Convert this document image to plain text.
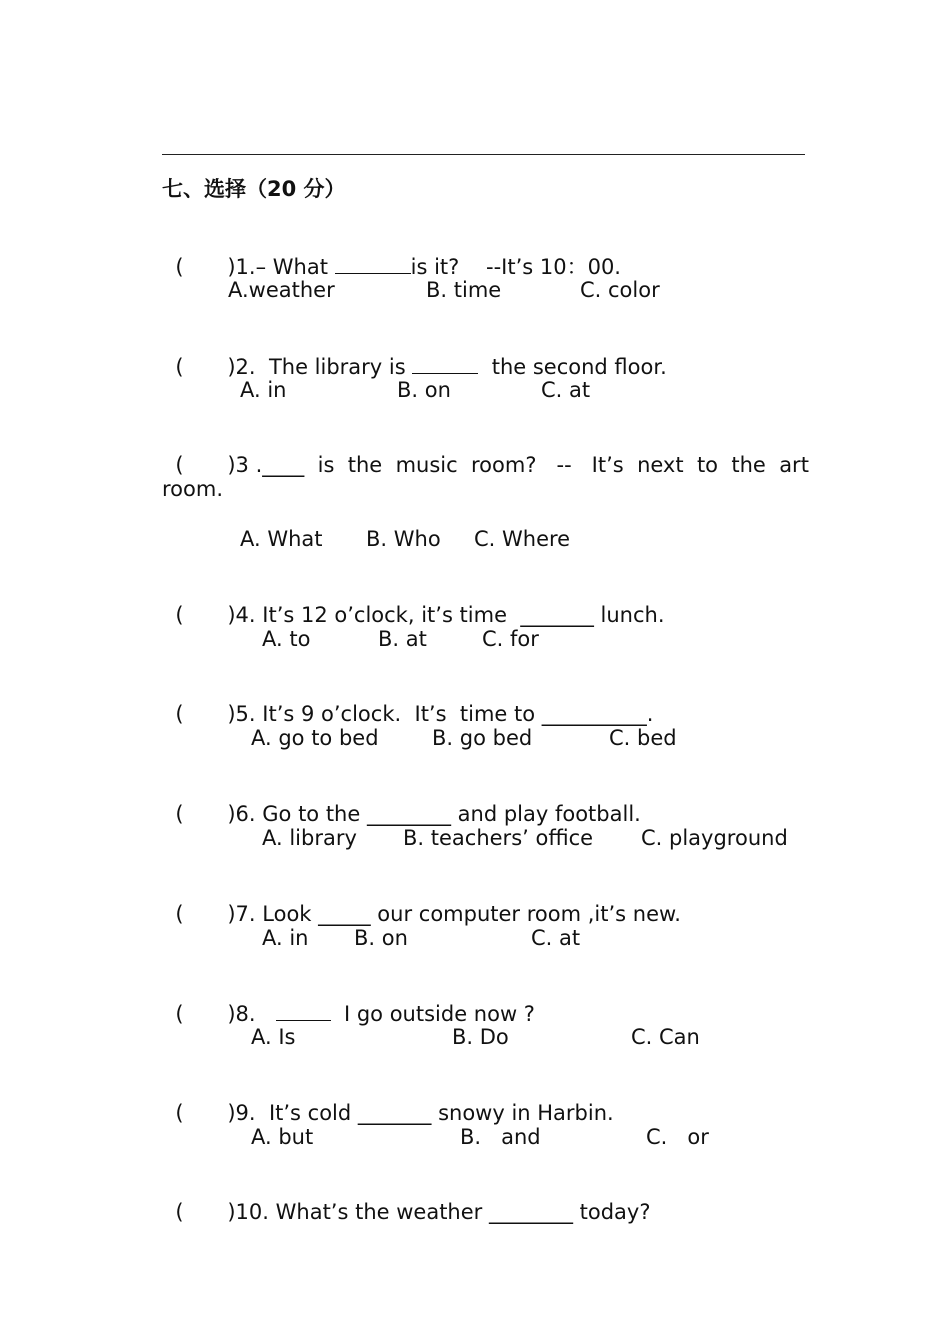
七、选择（20 分）

( )1.– What	is it?    --It’s 10：00.

A.weather	B. time	C. color

( )2.  The library is	the second floor.

A. in	B. on	C. at

( )3 .____  is  the  music  room?   --   It’s  next  to  the  art

room.
A. What B. Who C. Where

( )4. It’s 12 o’clock, it’s time  _______ lunch.

A. to	B. at	C. for

( )5. It’s 9 o’clock.  It’s  time to __________.

A. go to bed	B. go bed	C. bed

( )6. Go to the ________ and play football.

A. library B. teachers’ office C. playground

( )7. Look _____ our computer room ,it’s new.

A. in B. on	C. at

( )8.	I go outside now ?

A. Is	B. Do	C. Can

( )9.  It’s cold _______ snowy in Harbin.

A. but	B.   and	C.   or

( )10. What’s the weather ________ today?
